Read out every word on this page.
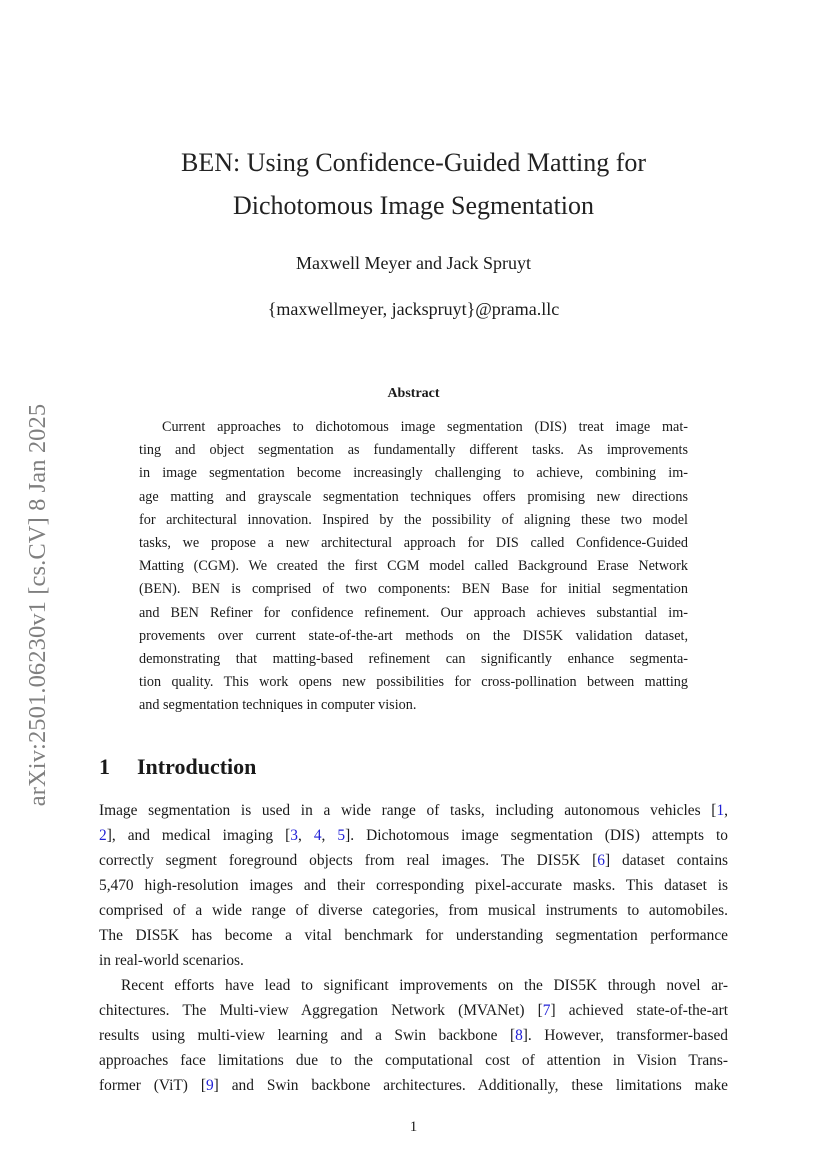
arXiv:2501.06230v1 [cs.CV] 8 Jan 2025
BEN: Using Confidence-Guided Matting for
Dichotomous Image Segmentation
Maxwell Meyer and Jack Spruyt
{maxwellmeyer, jackspruyt}@prama.llc
Abstract
Current approaches to dichotomous image segmentation (DIS) treat image mat-
ting and object segmentation as fundamentally different tasks. As improvements
in image segmentation become increasingly challenging to achieve, combining im-
age matting and grayscale segmentation techniques offers promising new directions
for architectural innovation. Inspired by the possibility of aligning these two model
tasks, we propose a new architectural approach for DIS called Confidence-Guided
Matting (CGM). We created the first CGM model called Background Erase Network
(BEN). BEN is comprised of two components: BEN Base for initial segmentation
and BEN Refiner for confidence refinement. Our approach achieves substantial im-
provements over current state-of-the-art methods on the DIS5K validation dataset,
demonstrating that matting-based refinement can significantly enhance segmenta-
tion quality. This work opens new possibilities for cross-pollination between matting
and segmentation techniques in computer vision.
1 Introduction
Image segmentation is used in a wide range of tasks, including autonomous vehicles [1,
2], and medical imaging [3, 4, 5]. Dichotomous image segmentation (DIS) attempts to
correctly segment foreground objects from real images. The DIS5K [6] dataset contains
5,470 high-resolution images and their corresponding pixel-accurate masks. This dataset is
comprised of a wide range of diverse categories, from musical instruments to automobiles.
The DIS5K has become a vital benchmark for understanding segmentation performance
in real-world scenarios.
Recent efforts have lead to significant improvements on the DIS5K through novel ar-
chitectures. The Multi-view Aggregation Network (MVANet) [7] achieved state-of-the-art
results using multi-view learning and a Swin backbone [8]. However, transformer-based
approaches face limitations due to the computational cost of attention in Vision Trans-
former (ViT) [9] and Swin backbone architectures. Additionally, these limitations make
1
